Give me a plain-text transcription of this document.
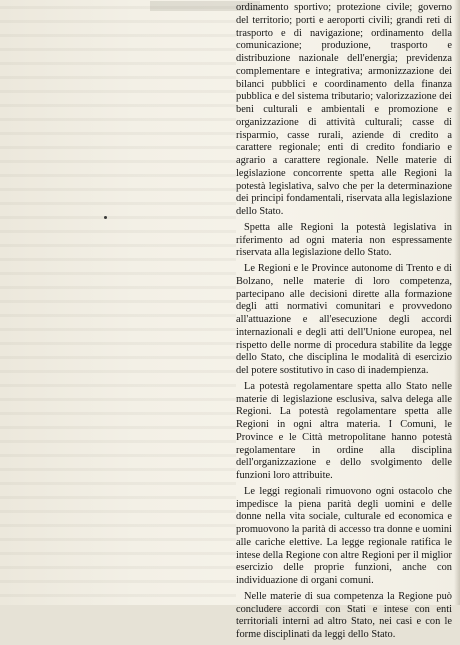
ordinamento sportivo; protezione civile; governo del territorio; porti e aeroporti civili; grandi reti di trasporto e di navigazione; ordinamento della comunicazione; produzione, trasporto e distribuzione nazionale dell'energia; previdenza complementare e integrativa; armonizzazione dei bilanci pubblici e coordinamento della finanza pubblica e del sistema tributario; valorizzazione dei beni culturali e ambientali e promozione e organizzazione di attività culturali; casse di risparmio, casse rurali, aziende di credito a carattere regionale; enti di credito fondiario e agrario a carattere regionale. Nelle materie di legislazione concorrente spetta alle Regioni la potestà legislativa, salvo che per la determinazione dei principi fondamentali, riservata alla legislazione dello Stato.

Spetta alle Regioni la potestà legislativa in riferimento ad ogni materia non espressamente riservata alla legislazione dello Stato.

Le Regioni e le Province autonome di Trento e di Bolzano, nelle materie di loro competenza, partecipano alle decisioni dirette alla formazione degli atti normativi comunitari e provvedono all'attuazione e all'esecuzione degli accordi internazionali e degli atti dell'Unione europea, nel rispetto delle norme di procedura stabilite da legge dello Stato, che disciplina le modalità di esercizio del potere sostitutivo in caso di inadempienza.

La potestà regolamentare spetta allo Stato nelle materie di legislazione esclusiva, salva delega alle Regioni. La potestà regolamentare spetta alle Regioni in ogni altra materia. I Comuni, le Province e le Città metropolitane hanno potestà regolamentare in ordine alla disciplina dell'organizzazione e dello svolgimento delle funzioni loro attribuite.

Le leggi regionali rimuovono ogni ostacolo che impedisce la piena parità degli uomini e delle donne nella vita sociale, culturale ed economica e promuovono la parità di accesso tra donne e uomini alle cariche elettive. La legge regionale ratifica le intese della Regione con altre Regioni per il miglior esercizio delle proprie funzioni, anche con individuazione di organi comuni.

Nelle materie di sua competenza la Regione può concludere accordi con Stati e intese con enti territoriali interni ad altro Stato, nei casi e con le forme disciplinati da leggi dello Stato.
